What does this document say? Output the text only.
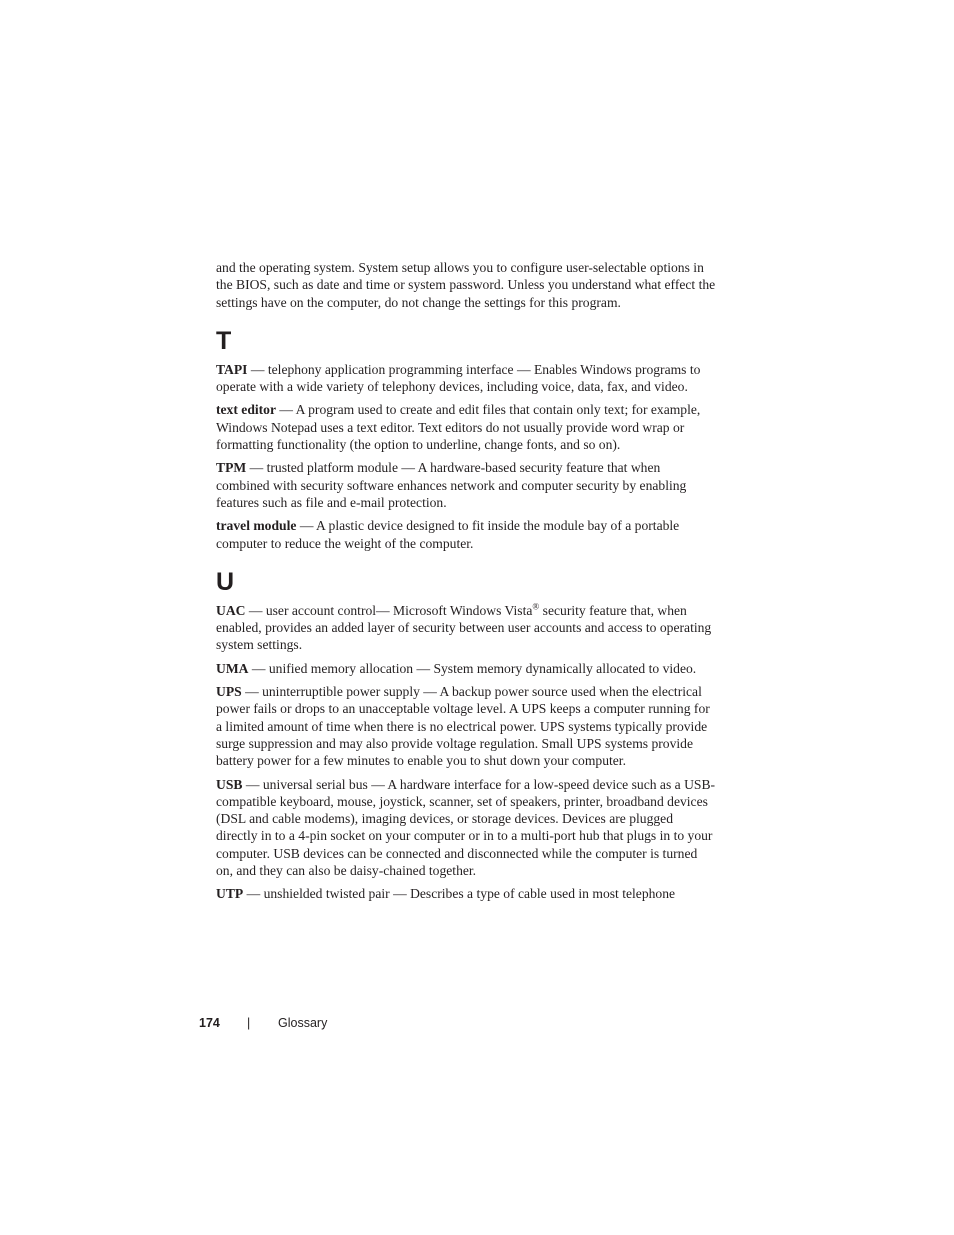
and the operating system. System setup allows you to configure user-selectable options in the BIOS, such as date and time or system password. Unless you understand what effect the settings have on the computer, do not change the settings for this program.

T

TAPI — telephony application programming interface — Enables Windows programs to operate with a wide variety of telephony devices, including voice, data, fax, and video.

text editor — A program used to create and edit files that contain only text; for example, Windows Notepad uses a text editor. Text editors do not usually provide word wrap or formatting functionality (the option to underline, change fonts, and so on).

TPM — trusted platform module — A hardware-based security feature that when combined with security software enhances network and computer security by enabling features such as file and e-mail protection.

travel module — A plastic device designed to fit inside the module bay of a portable computer to reduce the weight of the computer.

U

UAC — user account control— Microsoft Windows Vista® security feature that, when enabled, provides an added layer of security between user accounts and access to operating system settings.

UMA — unified memory allocation — System memory dynamically allocated to video.

UPS — uninterruptible power supply — A backup power source used when the electrical power fails or drops to an unacceptable voltage level. A UPS keeps a computer running for a limited amount of time when there is no electrical power. UPS systems typically provide surge suppression and may also provide voltage regulation. Small UPS systems provide battery power for a few minutes to enable you to shut down your computer.

USB — universal serial bus — A hardware interface for a low-speed device such as a USB-compatible keyboard, mouse, joystick, scanner, set of speakers, printer, broadband devices (DSL and cable modems), imaging devices, or storage devices. Devices are plugged directly in to a 4-pin socket on your computer or in to a multi-port hub that plugs in to your computer. USB devices can be connected and disconnected while the computer is turned on, and they can also be daisy-chained together.

UTP — unshielded twisted pair — Describes a type of cable used in most telephone

174 | Glossary
